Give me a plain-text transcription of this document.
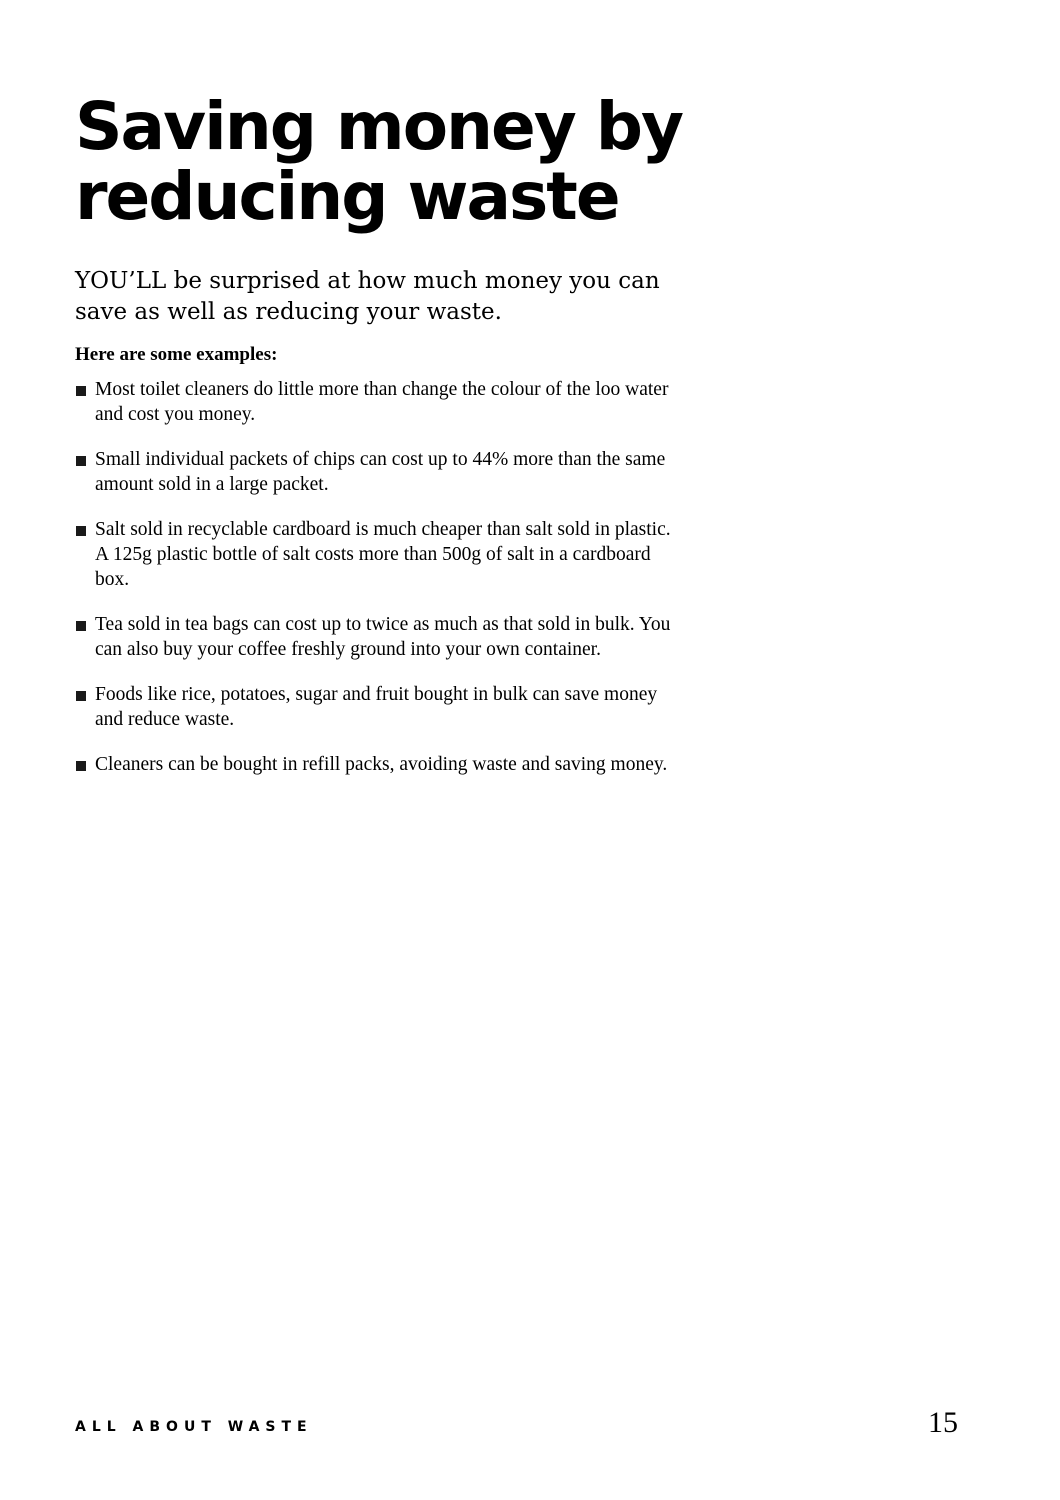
Saving money by reducing waste

YOU’LL be surprised at how much money you can save as well as reducing your waste.

Here are some examples:

Most toilet cleaners do little more than change the colour of the loo water and cost you money.
Small individual packets of chips can cost up to 44% more than the same amount sold in a large packet.
Salt sold in recyclable cardboard is much cheaper than salt sold in plastic. A 125g plastic bottle of salt costs more than 500g of salt in a cardboard box.
Tea sold in tea bags can cost up to twice as much as that sold in bulk. You can also buy your coffee freshly ground into your own container.
Foods like rice, potatoes, sugar and fruit bought in bulk can save money and reduce waste.
Cleaners can be bought in refill packs, avoiding waste and saving money.

ALL ABOUT WASTE	15
